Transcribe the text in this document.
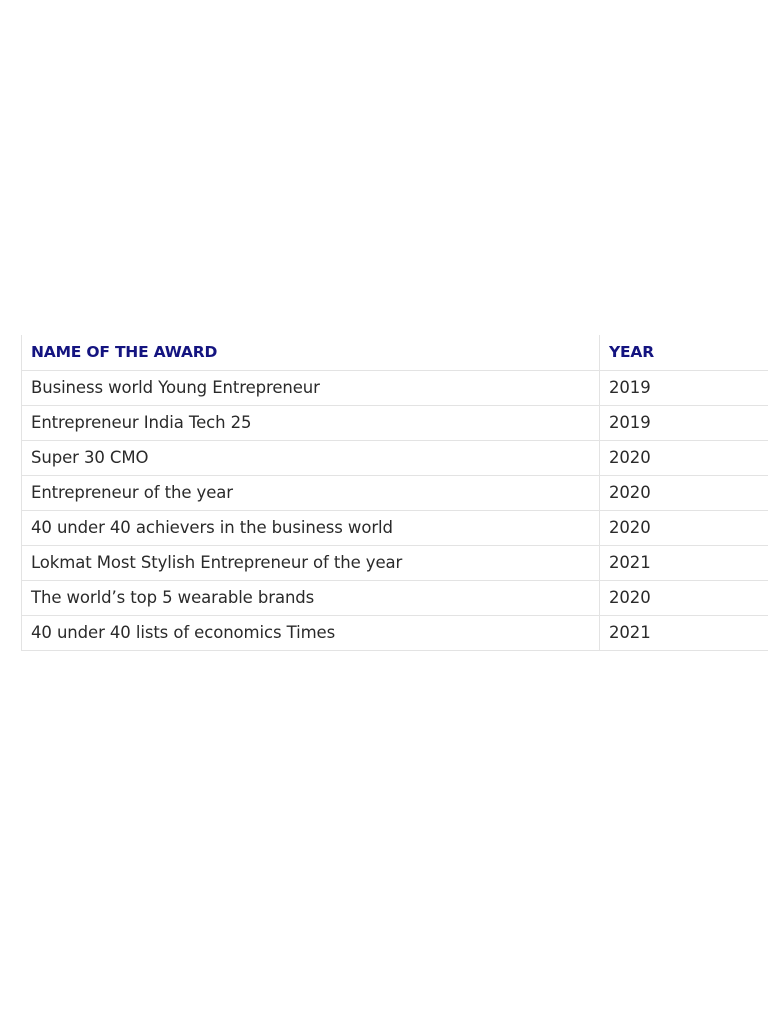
NAME OF THE AWARD	YEAR
Business world Young Entrepreneur	2019
Entrepreneur India Tech 25	2019
Super 30 CMO	2020
Entrepreneur of the year	2020
40 under 40 achievers in the business world	2020
Lokmat Most Stylish Entrepreneur of the year	2021
The world’s top 5 wearable brands	2020
40 under 40 lists of economics Times	2021
